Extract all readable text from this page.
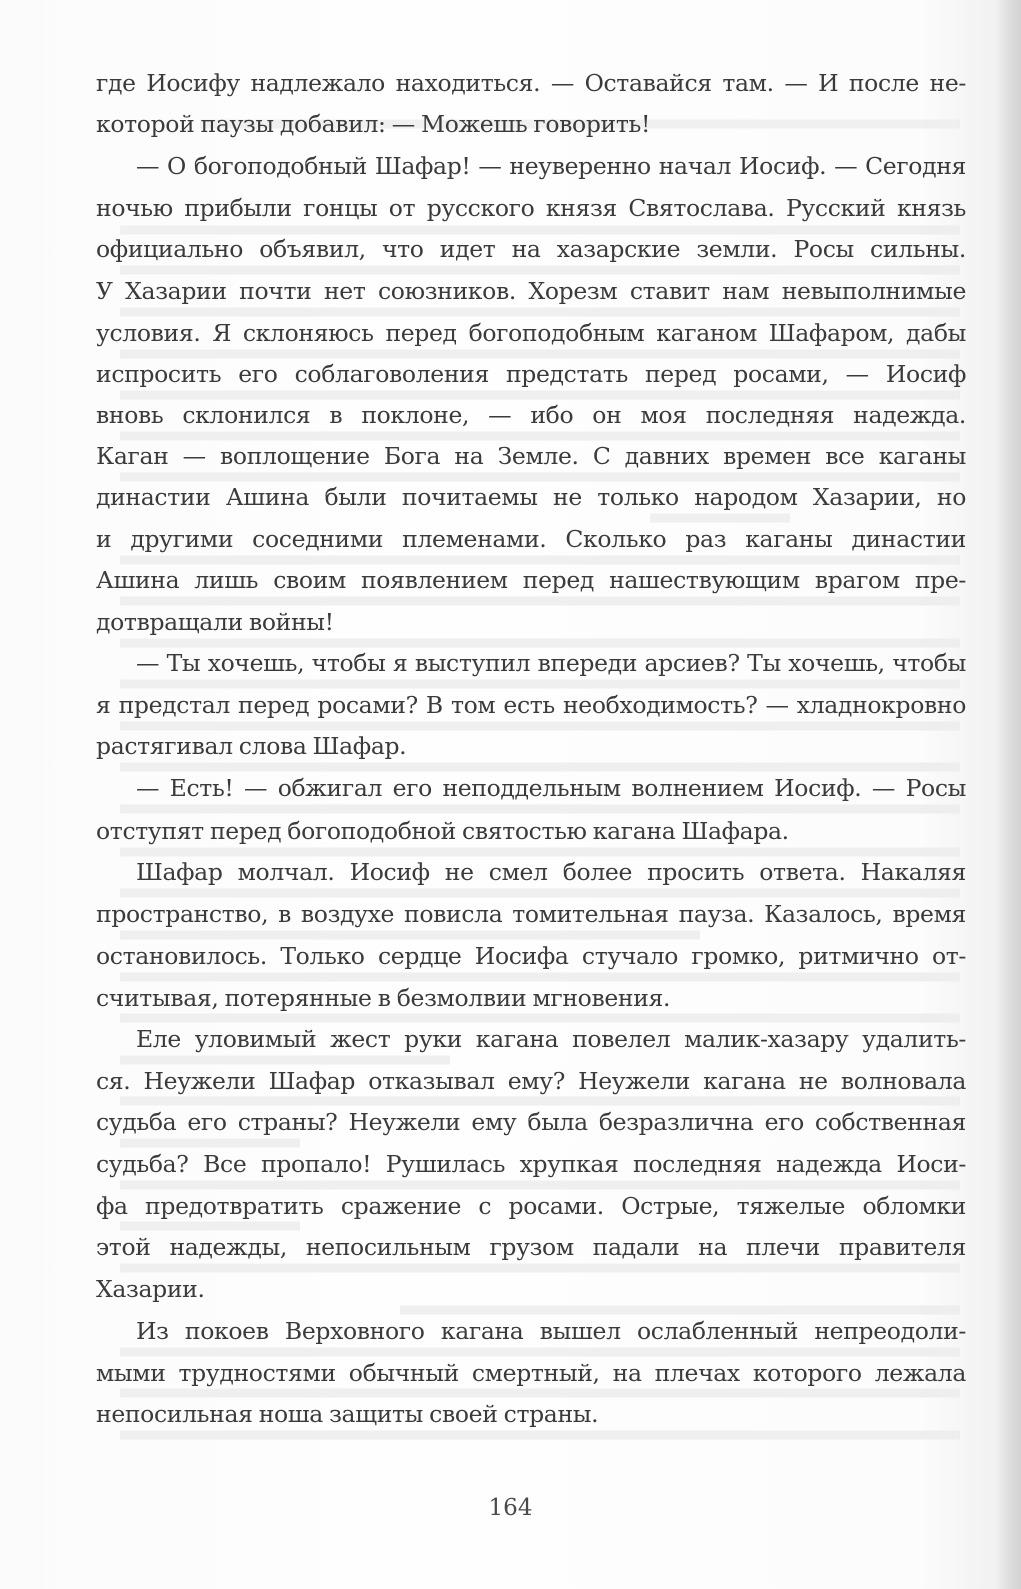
где Иосифу надлежало находиться. — Оставайся там. — И после не-
которой паузы добавил: — Можешь говорить!
— О богоподобный Шафар! — неуверенно начал Иосиф. — Сегодня
ночью прибыли гонцы от русского князя Святослава. Русский князь
официально объявил, что идет на хазарские земли. Росы сильны.
У Хазарии почти нет союзников. Хорезм ставит нам невыполнимые
условия. Я склоняюсь перед богоподобным каганом Шафаром, дабы
испросить его соблаговоления предстать перед росами, — Иосиф
вновь склонился в поклоне, — ибо он моя последняя надежда.
Каган — воплощение Бога на Земле. С давних времен все каганы
династии Ашина были почитаемы не только народом Хазарии, но
и другими соседними племенами. Сколько раз каганы династии
Ашина лишь своим появлением перед нашествующим врагом пре-
дотвращали войны!
— Ты хочешь, чтобы я выступил впереди арсиев? Ты хочешь, чтобы
я предстал перед росами? В том есть необходимость? — хладнокровно
растягивал слова Шафар.
— Есть! — обжигал его неподдельным волнением Иосиф. — Росы
отступят перед богоподобной святостью кагана Шафара.
Шафар молчал. Иосиф не смел более просить ответа. Накаляя
пространство, в воздухе повисла томительная пауза. Казалось, время
остановилось. Только сердце Иосифа стучало громко, ритмично от-
считывая, потерянные в безмолвии мгновения.
Еле уловимый жест руки кагана повелел малик-хазару удалить-
ся. Неужели Шафар отказывал ему? Неужели кагана не волновала
судьба его страны? Неужели ему была безразлична его собственная
судьба? Все пропало! Рушилась хрупкая последняя надежда Иоси-
фа предотвратить сражение с росами. Острые, тяжелые обломки
этой надежды, непосильным грузом падали на плечи правителя
Хазарии.
Из покоев Верховного кагана вышел ослабленный непреодоли-
мыми трудностями обычный смертный, на плечах которого лежала
непосильная ноша защиты своей страны.
164
